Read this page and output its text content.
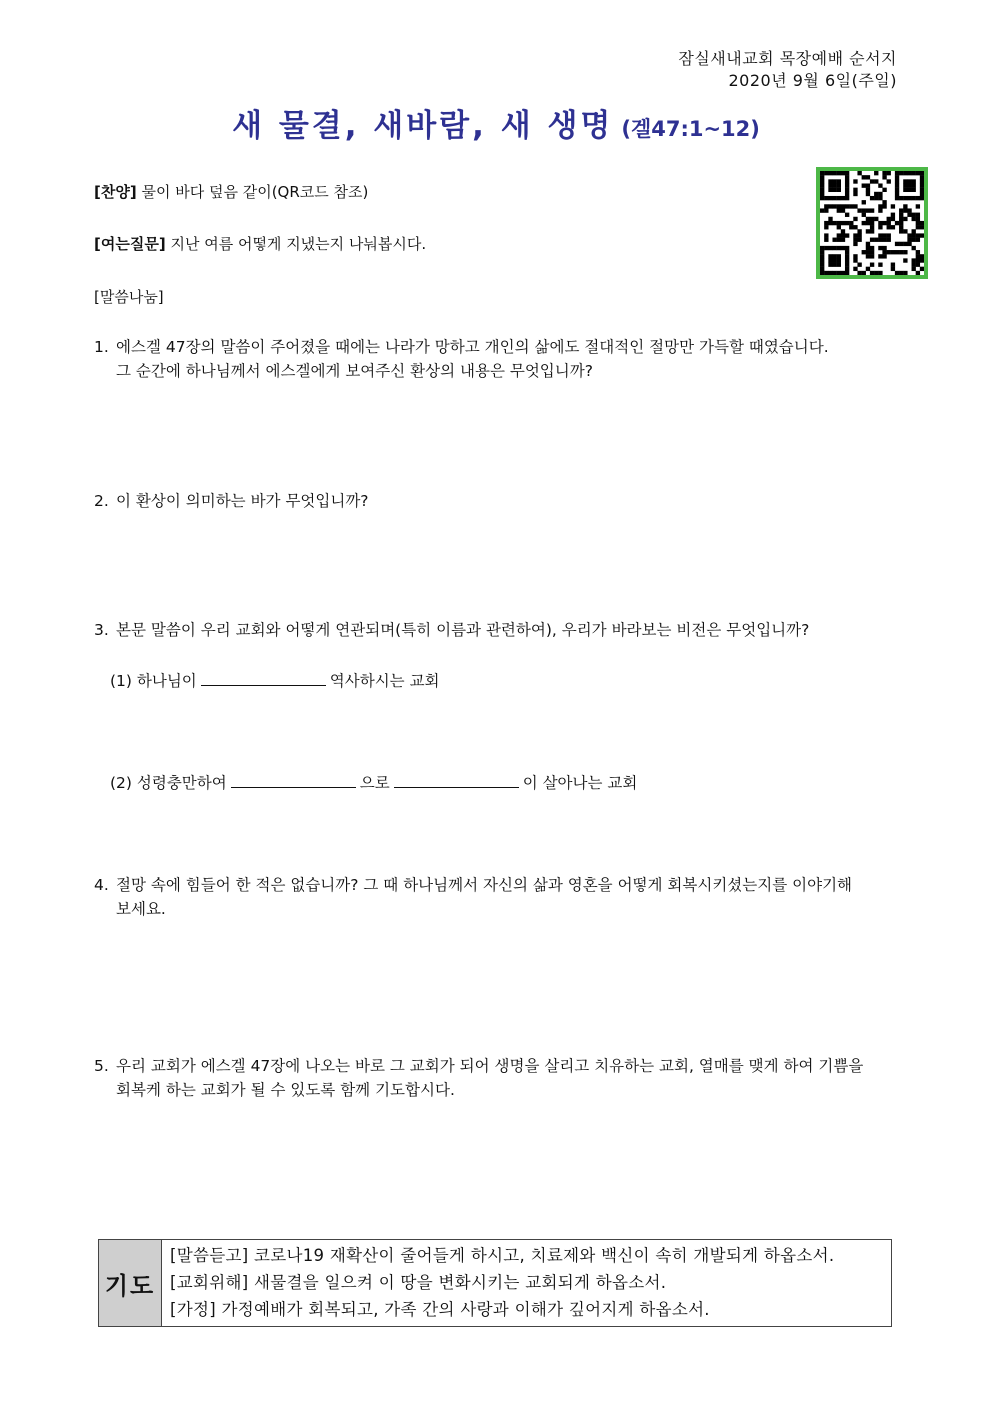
잠실새내교회 목장예배 순서지
2020년 9월 6일(주일)
새 물결, 새바람, 새 생명 (겔47:1~12)
[찬양] 물이 바다 덮음 같이(QR코드 참조)
[여는질문] 지난 여름 어떻게 지냈는지 나눠봅시다.
[말씀나눔]
1. 에스겔 47장의 말씀이 주어졌을 때에는 나라가 망하고 개인의 삶에도 절대적인 절망만 가득할 때였습니다.
그 순간에 하나님께서 에스겔에게 보여주신 환상의 내용은 무엇입니까?
2. 이 환상이 의미하는 바가 무엇입니까?
3. 본문 말씀이 우리 교회와 어떻게 연관되며(특히 이름과 관련하여), 우리가 바라보는 비전은 무엇입니까?
(1) 하나님이	역사하시는 교회
(2) 성령충만하여	으로	이 살아나는 교회
4. 절망 속에 힘들어 한 적은 없습니까? 그 때 하나님께서 자신의 삶과 영혼을 어떻게 회복시키셨는지를 이야기해
보세요.
5. 우리 교회가 에스겔 47장에 나오는 바로 그 교회가 되어 생명을 살리고 치유하는 교회, 열매를 맺게 하여 기쁨을
회복케 하는 교회가 될 수 있도록 함께 기도합시다.
기도
[말씀듣고] 코로나19 재확산이 줄어들게 하시고, 치료제와 백신이 속히 개발되게 하옵소서.
[교회위해] 새물결을 일으켜 이 땅을 변화시키는 교회되게 하옵소서.
[가정] 가정예배가 회복되고, 가족 간의 사랑과 이해가 깊어지게 하옵소서.
